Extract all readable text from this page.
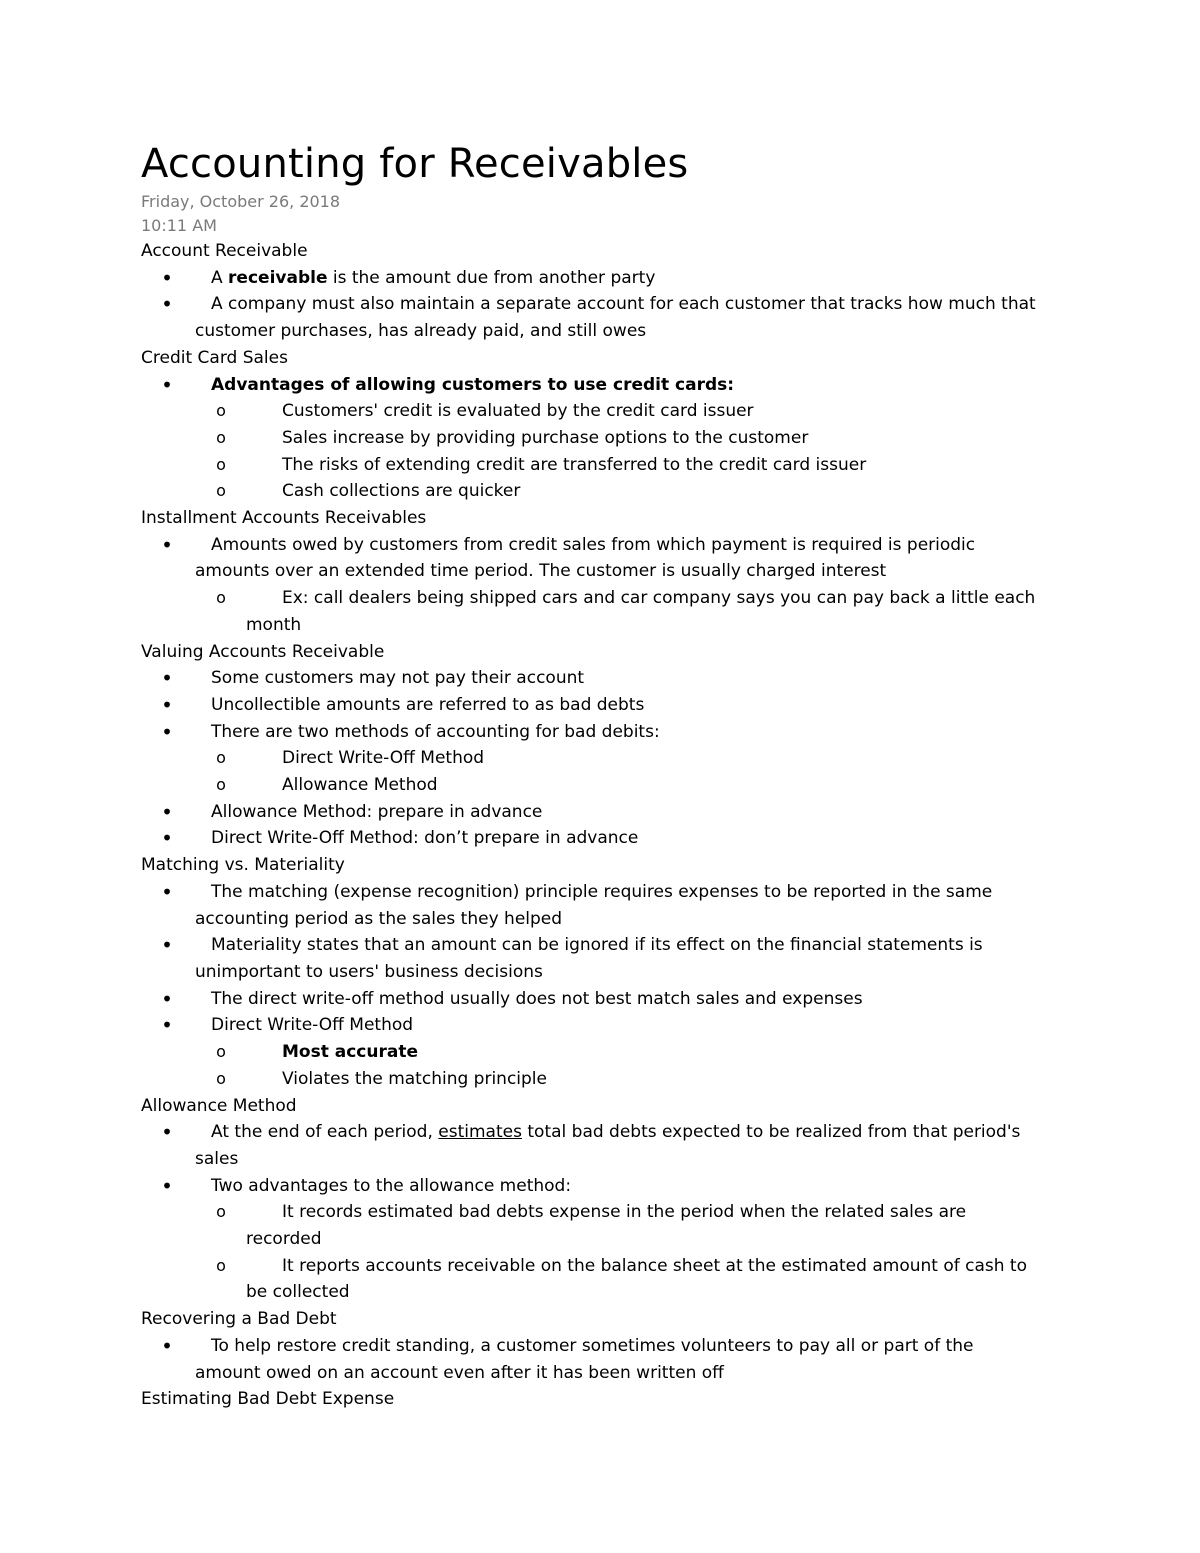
Accounting for Receivables
Friday, October 26, 2018
10:11 AM
Account Receivable
• A receivable is the amount due from another party
• A company must also maintain a separate account for each customer that tracks how much that
customer purchases, has already paid, and still owes
Credit Card Sales
• Advantages of allowing customers to use credit cards:
o	Customers' credit is evaluated by the credit card issuer
o	Sales increase by providing purchase options to the customer
o	The risks of extending credit are transferred to the credit card issuer
o	Cash collections are quicker
Installment Accounts Receivables
• Amounts owed by customers from credit sales from which payment is required is periodic
amounts over an extended time period. The customer is usually charged interest
o	Ex: call dealers being shipped cars and car company says you can pay back a little each
month
Valuing Accounts Receivable
• Some customers may not pay their account
• Uncollectible amounts are referred to as bad debts
• There are two methods of accounting for bad debits:
o	Direct Write-Off Method
o	Allowance Method
• Allowance Method: prepare in advance
• Direct Write-Off Method: don’t prepare in advance
Matching vs. Materiality
• The matching (expense recognition) principle requires expenses to be reported in the same
accounting period as the sales they helped
• Materiality states that an amount can be ignored if its effect on the financial statements is
unimportant to users' business decisions
• The direct write-off method usually does not best match sales and expenses
• Direct Write-Off Method
o	Most accurate
o	Violates the matching principle
Allowance Method
• At the end of each period, estimates total bad debts expected to be realized from that period's
sales
• Two advantages to the allowance method:
o	It records estimated bad debts expense in the period when the related sales are
recorded
o	It reports accounts receivable on the balance sheet at the estimated amount of cash to
be collected
Recovering a Bad Debt
• To help restore credit standing, a customer sometimes volunteers to pay all or part of the
amount owed on an account even after it has been written off
Estimating Bad Debt Expense
